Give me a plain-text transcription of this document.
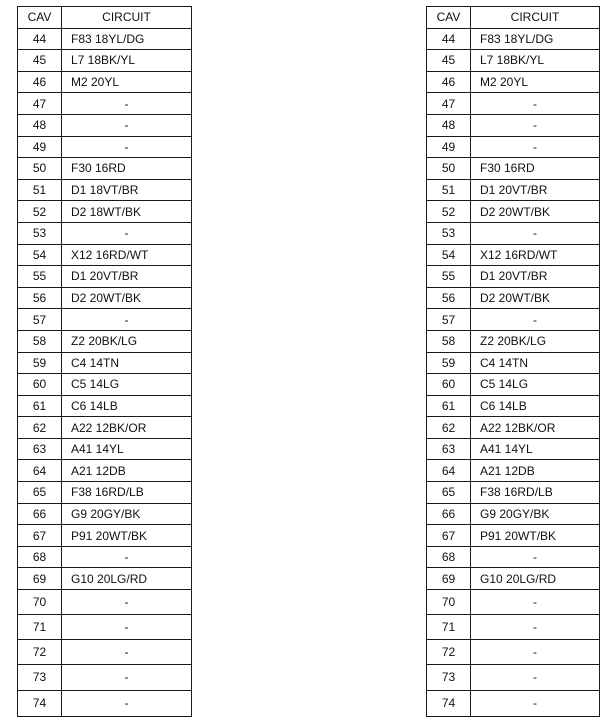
CAV	CIRCUIT
44	F83 18YL/DG
45	L7 18BK/YL
46	M2 20YL
47	-
48	-
49	-
50	F30 16RD
51	D1 18VT/BR
52	D2 18WT/BK
53	-
54	X12 16RD/WT
55	D1 20VT/BR
56	D2 20WT/BK
57	-
58	Z2 20BK/LG
59	C4 14TN
60	C5 14LG
61	C6 14LB
62	A22 12BK/OR
63	A41 14YL
64	A21 12DB
65	F38 16RD/LB
66	G9 20GY/BK
67	P91 20WT/BK
68	-
69	G10 20LG/RD
70	-
71	-
72	-
73	-
74	-
CAV	CIRCUIT
44	F83 18YL/DG
45	L7 18BK/YL
46	M2 20YL
47	-
48	-
49	-
50	F30 16RD
51	D1 20VT/BR
52	D2 20WT/BK
53	-
54	X12 16RD/WT
55	D1 20VT/BR
56	D2 20WT/BK
57	-
58	Z2 20BK/LG
59	C4 14TN
60	C5 14LG
61	C6 14LB
62	A22 12BK/OR
63	A41 14YL
64	A21 12DB
65	F38 16RD/LB
66	G9 20GY/BK
67	P91 20WT/BK
68	-
69	G10 20LG/RD
70	-
71	-
72	-
73	-
74	-
